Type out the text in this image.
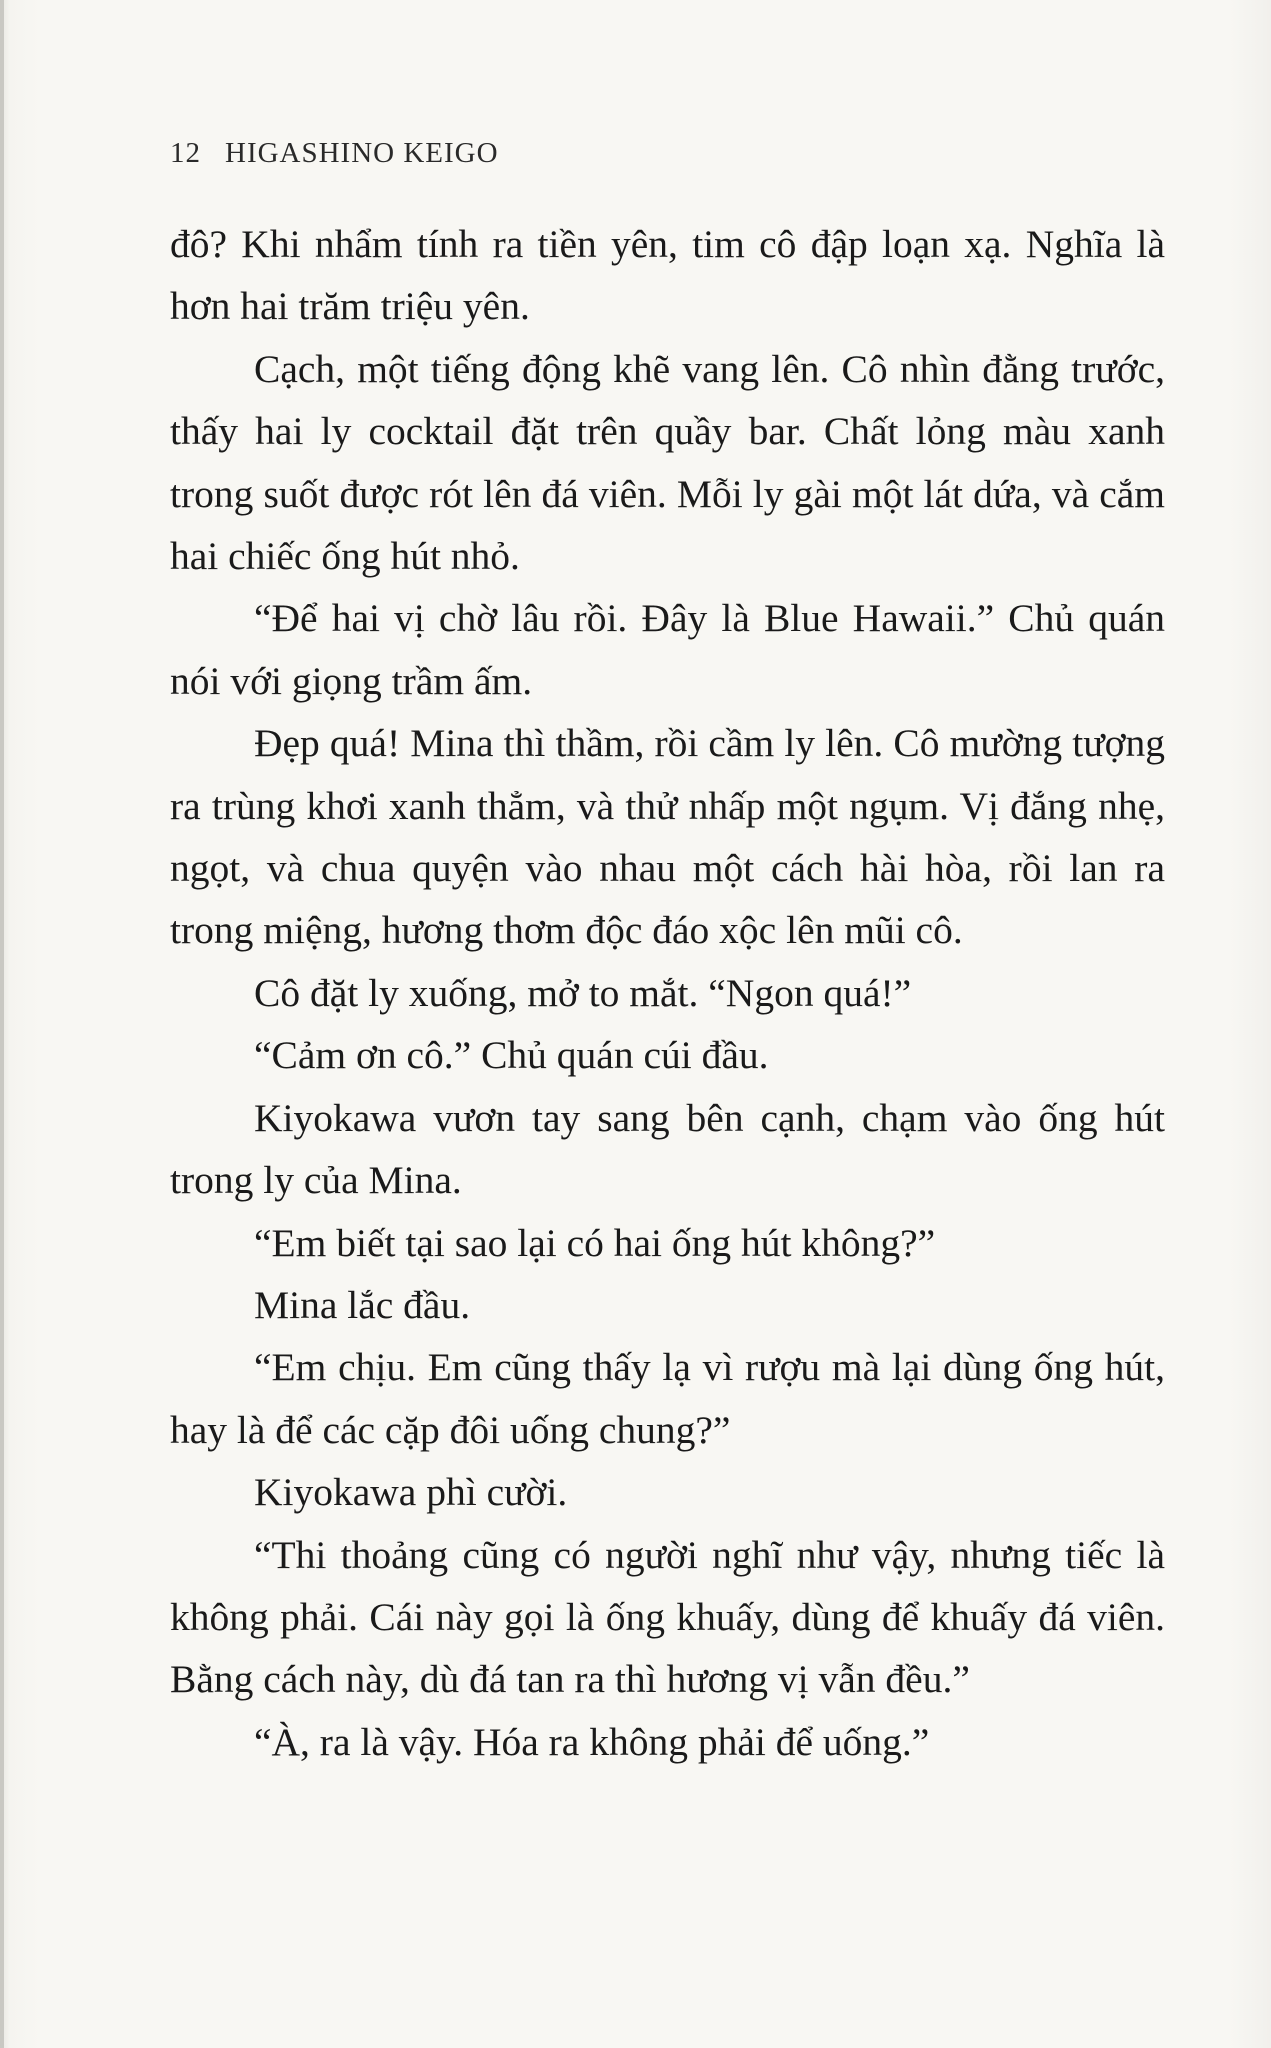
12 HIGASHINO KEIGO

đô? Khi nhẩm tính ra tiền yên, tim cô đập loạn xạ. Nghĩa là hơn hai trăm triệu yên.

Cạch, một tiếng động khẽ vang lên. Cô nhìn đằng trước, thấy hai ly cocktail đặt trên quầy bar. Chất lỏng màu xanh trong suốt được rót lên đá viên. Mỗi ly gài một lát dứa, và cắm hai chiếc ống hút nhỏ.

“Để hai vị chờ lâu rồi. Đây là Blue Hawaii.” Chủ quán nói với giọng trầm ấm.

Đẹp quá! Mina thì thầm, rồi cầm ly lên. Cô mường tượng ra trùng khơi xanh thẳm, và thử nhấp một ngụm. Vị đắng nhẹ, ngọt, và chua quyện vào nhau một cách hài hòa, rồi lan ra trong miệng, hương thơm độc đáo xộc lên mũi cô.

Cô đặt ly xuống, mở to mắt. “Ngon quá!”

“Cảm ơn cô.” Chủ quán cúi đầu.

Kiyokawa vươn tay sang bên cạnh, chạm vào ống hút trong ly của Mina.

“Em biết tại sao lại có hai ống hút không?”

Mina lắc đầu.

“Em chịu. Em cũng thấy lạ vì rượu mà lại dùng ống hút, hay là để các cặp đôi uống chung?”

Kiyokawa phì cười.

“Thi thoảng cũng có người nghĩ như vậy, nhưng tiếc là không phải. Cái này gọi là ống khuấy, dùng để khuấy đá viên. Bằng cách này, dù đá tan ra thì hương vị vẫn đều.”

“À, ra là vậy. Hóa ra không phải để uống.”
